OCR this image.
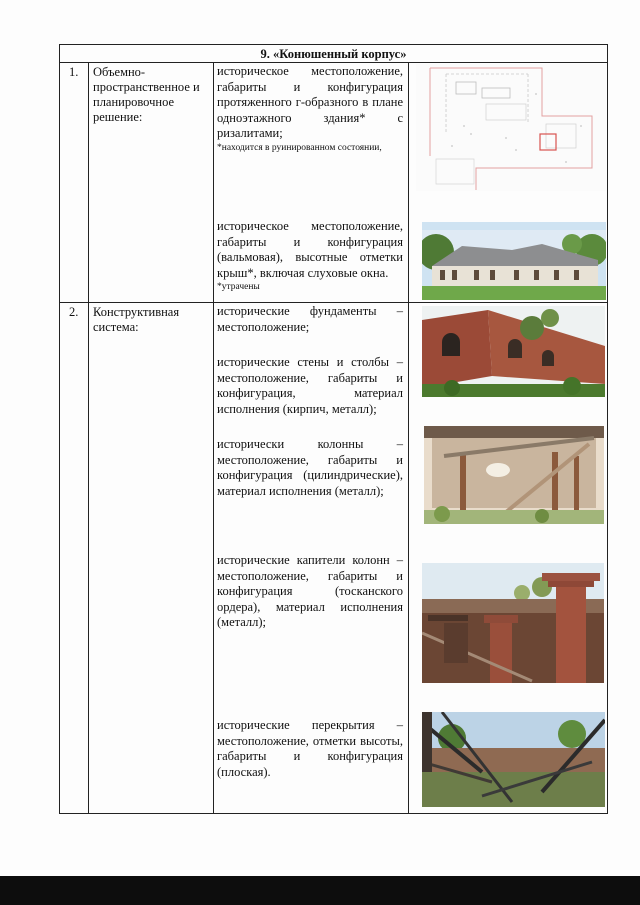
9. «Конюшенный корпус»
1. Объемно-пространственное и планировочное решение:
2. Конструктивная система:
историческое местоположение, габариты и конфигурация протяженного г-образного в плане одноэтажного здания* с ризалитами;
*находится в руинированном состоянии,
историческое местоположение, габариты и конфигурация (вальмовая), высотные отметки крыш*, включая слуховые окна.
*утрачены
исторические фундаменты – местоположение;
исторические стены и столбы – местоположение, габариты и конфигурация, материал исполнения (кирпич, металл);
исторически колонны – местоположение, габариты и конфигурация (цилиндрические), материал исполнения (металл);
исторические капители колонн – местоположение, габариты и конфигурация (тосканского ордера), материал исполнения (металл);
исторические перекрытия – местоположение, отметки высоты, габариты и конфигурация (плоская).
